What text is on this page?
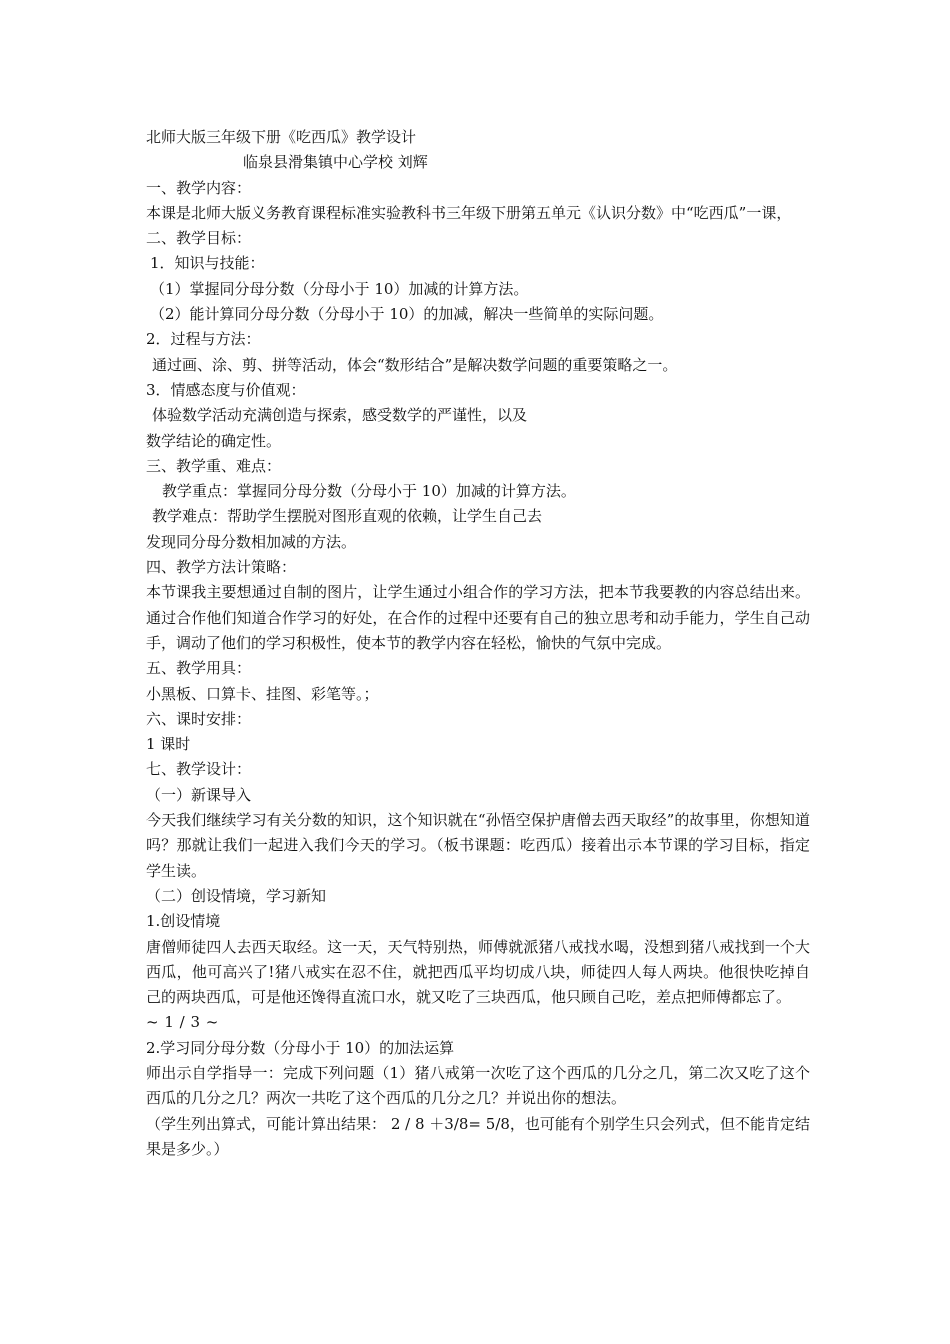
北师大版三年级下册《吃西瓜》教学设计
临泉县滑集镇中心学校 刘辉
一、教学内容：
本课是北师大版义务教育课程标准实验教科书三年级下册第五单元《认识分数》中“吃西瓜”一课，
二、教学目标：
1．知识与技能：
（1）掌握同分母分数（分母小于 10）加减的计算方法。
（2）能计算同分母分数（分母小于 10）的加减，解决一些简单的实际问题。
2．过程与方法：
通过画、涂、剪、拼等活动，体会“数形结合”是解决数学问题的重要策略之一。
3．情感态度与价值观：
体验数学活动充满创造与探索，感受数学的严谨性，以及
数学结论的确定性。
三、教学重、难点：
教学重点：掌握同分母分数（分母小于 10）加减的计算方法。
教学难点：帮助学生摆脱对图形直观的依赖，让学生自己去
发现同分母分数相加减的方法。
四、教学方法计策略：
本节课我主要想通过自制的图片，让学生通过小组合作的学习方法，把本节我要教的内容总结出来。通过合作他们知道合作学习的好处，在合作的过程中还要有自己的独立思考和动手能力，学生自己动手，调动了他们的学习积极性，使本节的教学内容在轻松，愉快的气氛中完成。
五、教学用具：
小黑板、口算卡、挂图、彩笔等。；
六、课时安排：
1 课时
七、教学设计：
（一）新课导入
今天我们继续学习有关分数的知识，这个知识就在“孙悟空保护唐僧去西天取经”的故事里，你想知道吗？那就让我们一起进入我们今天的学习。（板书课题：吃西瓜）接着出示本节课的学习目标，指定学生读。
（二）创设情境，学习新知
1.创设情境
唐僧师徒四人去西天取经。这一天，天气特别热，师傅就派猪八戒找水喝，没想到猪八戒找到一个大西瓜，他可高兴了!猪八戒实在忍不住，就把西瓜平均切成八块，师徒四人每人两块。他很快吃掉自己的两块西瓜，可是他还馋得直流口水，就又吃了三块西瓜，他只顾自己吃，差点把师傅都忘了。
~ 1 / 3 ~
2.学习同分母分数（分母小于 10）的加法运算
师出示自学指导一：完成下列问题（1）猪八戒第一次吃了这个西瓜的几分之几，第二次又吃了这个西瓜的几分之几？两次一共吃了这个西瓜的几分之几？并说出你的想法。
（学生列出算式，可能计算出结果： 2 / 8 ＋3/8= 5/8，也可能有个别学生只会列式，但不能肯定结果是多少。）
